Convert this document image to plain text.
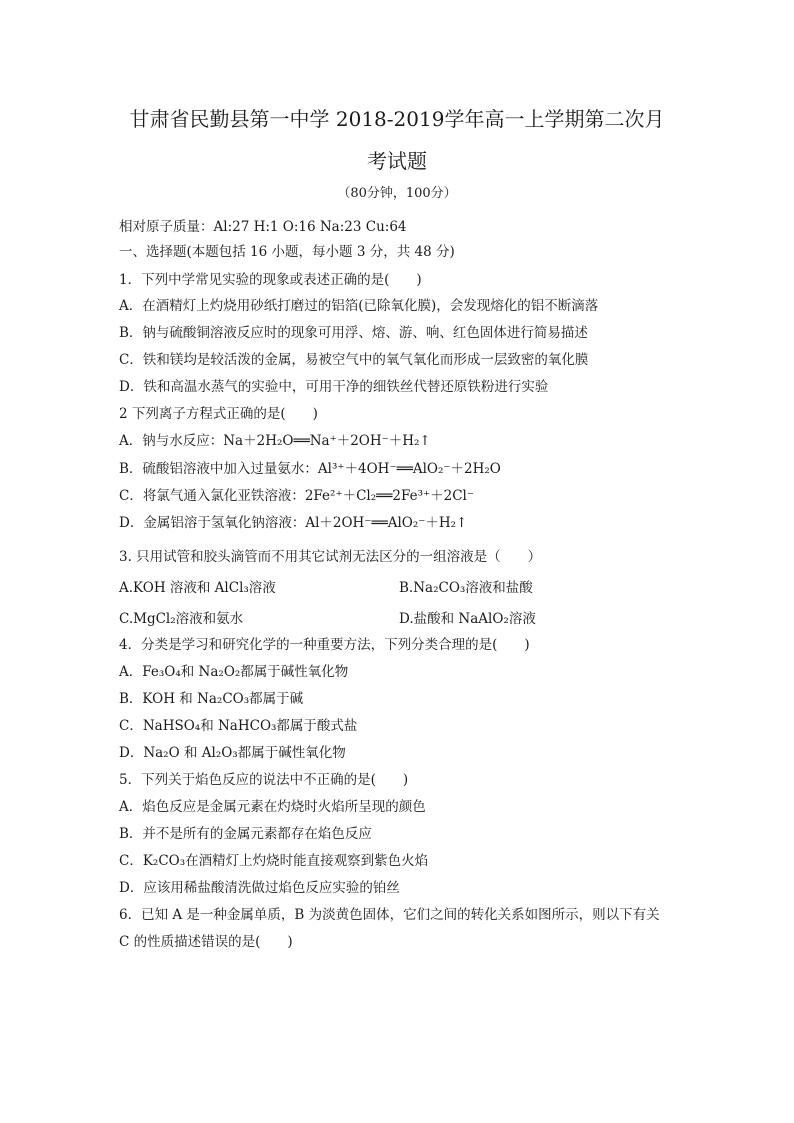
甘肃省民勤县第一中学 2018-2019学年高一上学期第二次月
考试题
（80分钟，100分）
相对原子质量：Al:27 H:1 O:16 Na:23 Cu:64
一、选择题(本题包括 16 小题，每小题 3 分，共 48 分)
1．下列中学常见实验的现象或表述正确的是(　　)
A．在酒精灯上灼烧用砂纸打磨过的铝箔(已除氧化膜)，会发现熔化的铝不断滴落
B．钠与硫酸铜溶液反应时的现象可用浮、熔、游、响、红色固体进行简易描述
C．铁和镁均是较活泼的金属，易被空气中的氧气氧化而形成一层致密的氧化膜
D．铁和高温水蒸气的实验中，可用干净的细铁丝代替还原铁粉进行实验
2 下列离子方程式正确的是(　　)
A．钠与水反应：Na＋2H₂O══Na⁺＋2OH⁻＋H₂↑
B．硫酸铝溶液中加入过量氨水：Al³⁺＋4OH⁻══AlO₂⁻＋2H₂O
C．将氯气通入氯化亚铁溶液：2Fe²⁺＋Cl₂══2Fe³⁺＋2Cl⁻
D．金属铝溶于氢氧化钠溶液：Al＋2OH⁻══AlO₂⁻＋H₂↑
3. 只用试管和胶头滴管而不用其它试剂无法区分的一组溶液是（　　）
A.KOH 溶液和 AlCl₃溶液	B.Na₂CO₃溶液和盐酸
C.MgCl₂溶液和氨水	D.盐酸和 NaAlO₂溶液
4．分类是学习和研究化学的一种重要方法，下列分类合理的是(　　)
A．Fe₃O₄和 Na₂O₂都属于碱性氧化物
B．KOH 和 Na₂CO₃都属于碱
C．NaHSO₄和 NaHCO₃都属于酸式盐
D．Na₂O 和 Al₂O₃都属于碱性氧化物
5．下列关于焰色反应的说法中不正确的是(　　)
A．焰色反应是金属元素在灼烧时火焰所呈现的颜色
B．并不是所有的金属元素都存在焰色反应
C．K₂CO₃在酒精灯上灼烧时能直接观察到紫色火焰
D．应该用稀盐酸清洗做过焰色反应实验的铂丝
6．已知 A 是一种金属单质，B 为淡黄色固体，它们之间的转化关系如图所示，则以下有关
C 的性质描述错误的是(　　)
